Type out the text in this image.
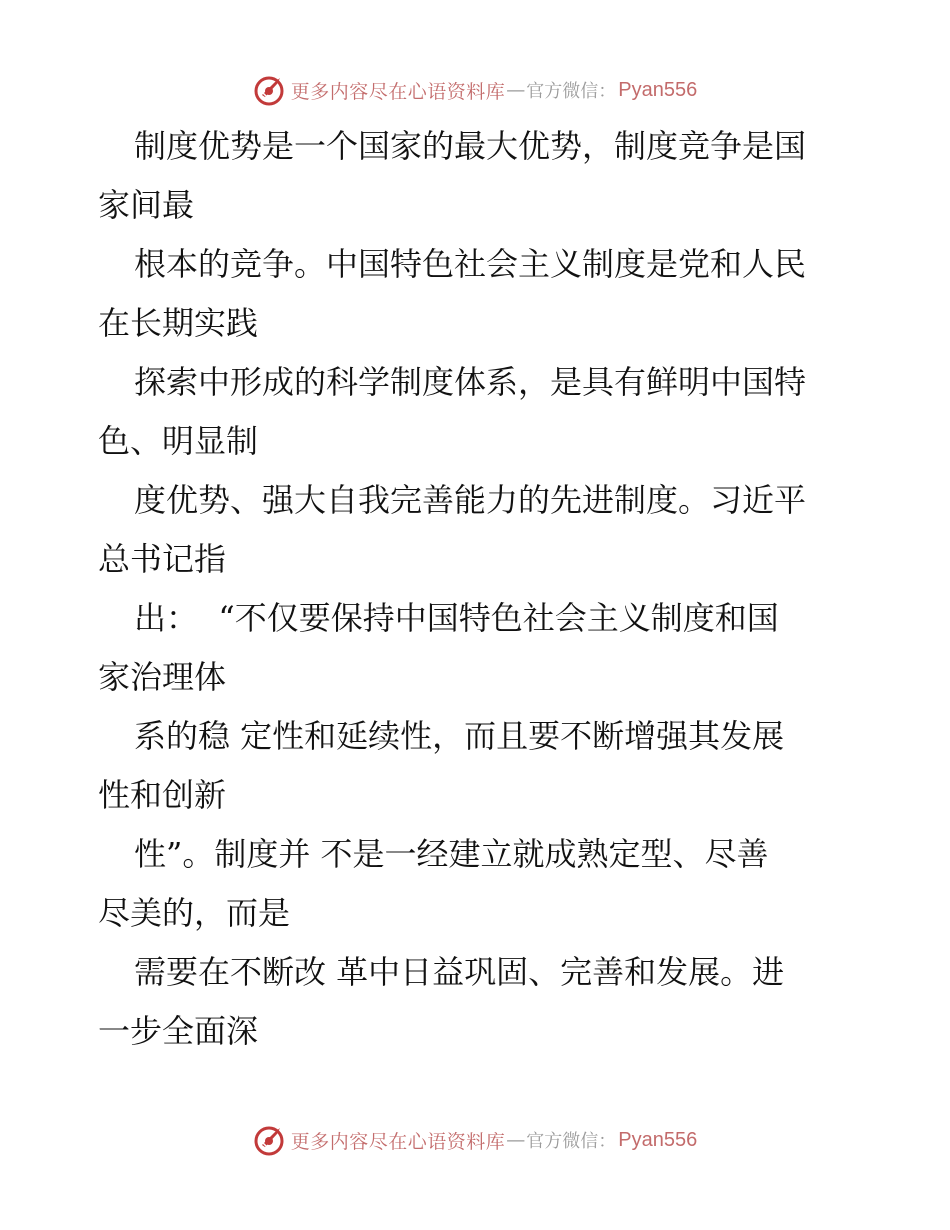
更多内容尽在心语资料库 — 官方微信： Pyan556
制度优势是一个国家的最大优势，制度竞争是国
家间最
根本的竞争。中国特色社会主义制度是党和人民
在长期实践
探索中形成的科学制度体系，是具有鲜明中国特
色、明显制
度优势、强大自我完善能力的先进制度。习近平
总书记指
出：  “不仅要保持中国特色社会主义制度和国
家治理体
系的稳 定性和延续性，而且要不断增强其发展
性和创新
性”。制度并 不是一经建立就成熟定型、尽善
尽美的，而是
需要在不断改 革中日益巩固、完善和发展。进
一步全面深
更多内容尽在心语资料库 — 官方微信： Pyan556
